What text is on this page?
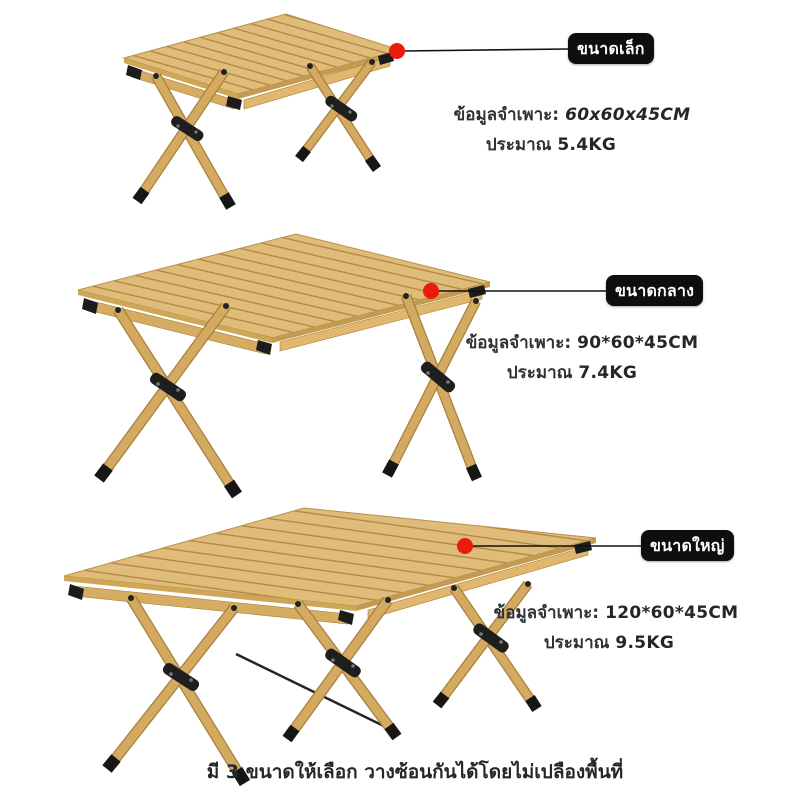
ขนาดเล็ก
ข้อมูลจำเพาะ: 60x60x45CM
ประมาณ 5.4KG
ขนาดกลาง
ข้อมูลจำเพาะ: 90*60*45CM
ประมาณ 7.4KG
ขนาดใหญ่
ข้อมูลจำเพาะ: 120*60*45CM
ประมาณ 9.5KG
มี 3 ขนาดให้เลือก วางซ้อนกันได้โดยไม่เปลืองพื้นที่
